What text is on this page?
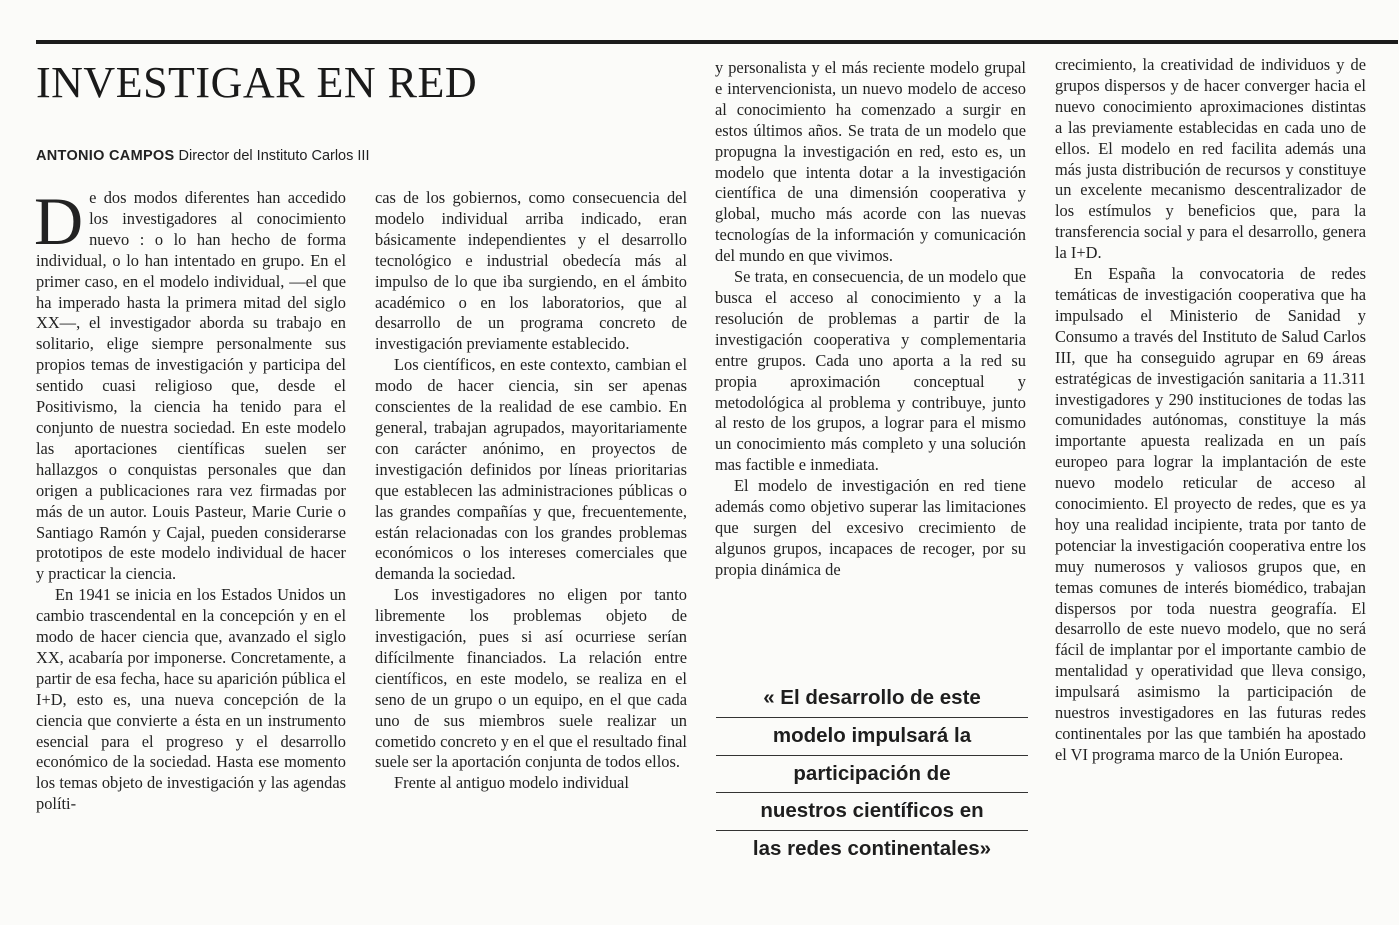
INVESTIGAR EN RED
ANTONIO CAMPOS Director del Instituto Carlos III

De dos modos diferentes han accedido los investigadores al conocimiento nuevo : o lo han hecho de forma individual, o lo han intentado en grupo. En el primer caso, en el modelo individual, —el que ha imperado hasta la primera mitad del siglo XX—, el investigador aborda su trabajo en solitario, elige siempre personalmente sus propios temas de investigación y participa del sentido cuasi religioso que, desde el Positivismo, la ciencia ha tenido para el conjunto de nuestra sociedad. En este modelo las aportaciones científicas suelen ser hallazgos o conquistas personales que dan origen a publicaciones rara vez firmadas por más de un autor. Louis Pasteur, Marie Curie o Santiago Ramón y Cajal, pueden considerarse prototipos de este modelo individual de hacer y practicar la ciencia.

En 1941 se inicia en los Estados Unidos un cambio trascendental en la concepción y en el modo de hacer ciencia que, avanzado el siglo XX, acabaría por imponerse. Concretamente, a partir de esa fecha, hace su aparición pública el I+D, esto es, una nueva concepción de la ciencia que convierte a ésta en un instrumento esencial para el progreso y el desarrollo económico de la sociedad. Hasta ese momento los temas objeto de investigación y las agendas políti-

cas de los gobiernos, como consecuencia del modelo individual arriba indicado, eran básicamente independientes y el desarrollo tecnológico e industrial obedecía más al impulso de lo que iba surgiendo, en el ámbito académico o en los laboratorios, que al desarrollo de un programa concreto de investigación previamente establecido.

Los científicos, en este contexto, cambian el modo de hacer ciencia, sin ser apenas conscientes de la realidad de ese cambio. En general, trabajan agrupados, mayoritariamente con carácter anónimo, en proyectos de investigación definidos por líneas prioritarias que establecen las administraciones públicas o las grandes compañías y que, frecuentemente, están relacionadas con los grandes problemas económicos o los intereses comerciales que demanda la sociedad.

Los investigadores no eligen por tanto libremente los problemas objeto de investigación, pues si así ocurriese serían difícilmente financiados. La relación entre científicos, en este modelo, se realiza en el seno de un grupo o un equipo, en el que cada uno de sus miembros suele realizar un cometido concreto y en el que el resultado final suele ser la aportación conjunta de todos ellos.

Frente al antiguo modelo individual

y personalista y el más reciente modelo grupal e intervencionista, un nuevo modelo de acceso al conocimiento ha comenzado a surgir en estos últimos años. Se trata de un modelo que propugna la investigación en red, esto es, un modelo que intenta dotar a la investigación científica de una dimensión cooperativa y global, mucho más acorde con las nuevas tecnologías de la información y comunicación del mundo en que vivimos.

Se trata, en consecuencia, de un modelo que busca el acceso al conocimiento y a la resolución de problemas a partir de la investigación cooperativa y complementaria entre grupos. Cada uno aporta a la red su propia aproximación conceptual y metodológica al problema y contribuye, junto al resto de los grupos, a lograr para el mismo un conocimiento más completo y una solución mas factible e inmediata.

El modelo de investigación en red tiene además como objetivo superar las limitaciones que surgen del excesivo crecimiento de algunos grupos, incapaces de recoger, por su propia dinámica de

« El desarrollo de este
modelo impulsará la
participación de
nuestros científicos en
las redes continentales»

crecimiento, la creatividad de individuos y de grupos dispersos y de hacer converger hacia el nuevo conocimiento aproximaciones distintas a las previamente establecidas en cada uno de ellos. El modelo en red facilita además una más justa distribución de recursos y constituye un excelente mecanismo descentralizador de los estímulos y beneficios que, para la transferencia social y para el desarrollo, genera la I+D.

En España la convocatoria de redes temáticas de investigación cooperativa que ha impulsado el Ministerio de Sanidad y Consumo a través del Instituto de Salud Carlos III, que ha conseguido agrupar en 69 áreas estratégicas de investigación sanitaria a 11.311 investigadores y 290 instituciones de todas las comunidades autónomas, constituye la más importante apuesta realizada en un país europeo para lograr la implantación de este nuevo modelo reticular de acceso al conocimiento. El proyecto de redes, que es ya hoy una realidad incipiente, trata por tanto de potenciar la investigación cooperativa entre los muy numerosos y valiosos grupos que, en temas comunes de interés biomédico, trabajan dispersos por toda nuestra geografía. El desarrollo de este nuevo modelo, que no será fácil de implantar por el importante cambio de mentalidad y operatividad que lleva consigo, impulsará asimismo la participación de nuestros investigadores en las futuras redes continentales por las que también ha apostado el VI programa marco de la Unión Europea.
